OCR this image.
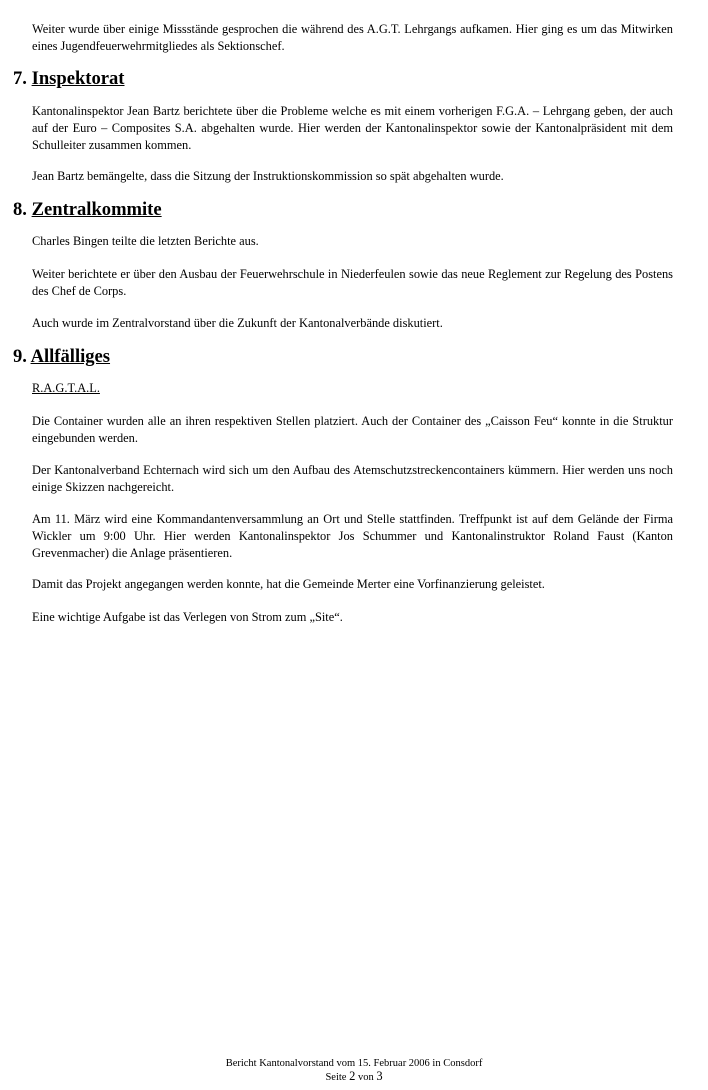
Weiter wurde über einige Missstände gesprochen die während des A.G.T. Lehrgangs aufkamen. Hier ging es um das Mitwirken eines Jugendfeuerwehrmitgliedes als Sektionschef.

7. Inspektorat

Kantonalinspektor Jean Bartz berichtete über die Probleme welche es mit einem vorherigen F.G.A. – Lehrgang geben, der auch auf der Euro – Composites S.A. abgehalten wurde. Hier werden der Kantonalinspektor sowie der Kantonalpräsident mit dem Schulleiter zusammen kommen.

Jean Bartz bemängelte, dass die Sitzung der Instruktionskommission so spät abgehalten wurde.

8. Zentralkommite

Charles Bingen teilte die letzten Berichte aus.

Weiter berichtete er über den Ausbau der Feuerwehrschule in Niederfeulen sowie das neue Reglement zur Regelung des Postens des Chef de Corps.

Auch wurde im Zentralvorstand über die Zukunft der Kantonalverbände diskutiert.

9. Allfälliges

R.A.G.T.A.L.

Die Container wurden alle an ihren respektiven Stellen platziert. Auch der Container des „Caisson Feu“ konnte in die Struktur eingebunden werden.

Der Kantonalverband Echternach wird sich um den Aufbau des Atemschutzstreckencontainers kümmern. Hier werden uns noch einige Skizzen nachgereicht.

Am 11. März wird eine Kommandantenversammlung an Ort und Stelle stattfinden. Treffpunkt ist auf dem Gelände der Firma Wickler um 9:00 Uhr. Hier werden Kantonalinspektor Jos Schummer und Kantonalinstruktor Roland Faust (Kanton Grevenmacher) die Anlage präsentieren.

Damit das Projekt angegangen werden konnte, hat die Gemeinde Merter eine Vorfinanzierung geleistet.

Eine wichtige Aufgabe ist das Verlegen von Strom zum „Site“.

Bericht Kantonalvorstand vom 15. Februar 2006 in Consdorf
Seite 2 von 3
